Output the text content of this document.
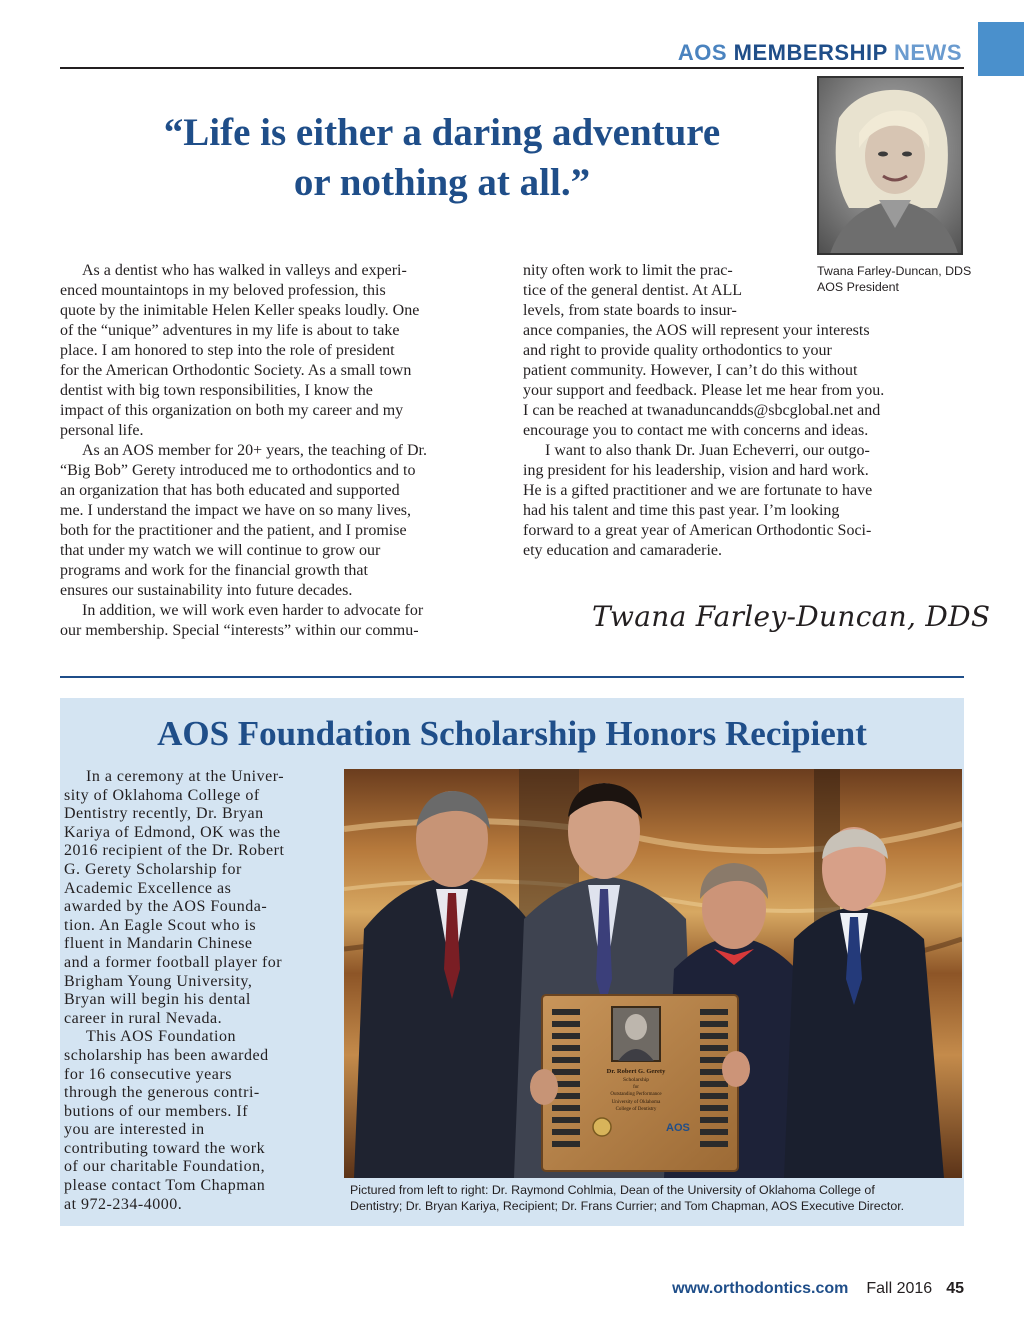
AOS MEMBERSHIP NEWS
“Life is either a daring adventure
or nothing at all.”
Twana Farley-Duncan, DDS
AOS President
As a dentist who has walked in valleys and experi-
enced mountaintops in my beloved profession, this
quote by the inimitable Helen Keller speaks loudly. One
of the “unique” adventures in my life is about to take
place. I am honored to step into the role of president
for the American Orthodontic Society. As a small town
dentist with big town responsibilities, I know the
impact of this organization on both my career and my
personal life.
As an AOS member for 20+ years, the teaching of Dr.
“Big Bob” Gerety introduced me to orthodontics and to
an organization that has both educated and supported
me. I understand the impact we have on so many lives,
both for the practitioner and the patient, and I promise
that under my watch we will continue to grow our
programs and work for the financial growth that
ensures our sustainability into future decades.
In addition, we will work even harder to advocate for
our membership. Special “interests” within our commu-
nity often work to limit the prac-
tice of the general dentist. At ALL
levels, from state boards to insur-
ance companies, the AOS will represent your interests
and right to provide quality orthodontics to your
patient community. However, I can’t do this without
your support and feedback. Please let me hear from you.
I can be reached at twanaduncandds@sbcglobal.net and
encourage you to contact me with concerns and ideas.
I want to also thank Dr. Juan Echeverri, our outgo-
ing president for his leadership, vision and hard work.
He is a gifted practitioner and we are fortunate to have
had his talent and time this past year. I’m looking
forward to a great year of American Orthodontic Soci-
ety education and camaraderie.
Twana Farley-Duncan, DDS
AOS Foundation Scholarship Honors Recipient
In a ceremony at the Univer-
sity of Oklahoma College of
Dentistry recently, Dr. Bryan
Kariya of Edmond, OK was the
2016 recipient of the Dr. Robert
G. Gerety Scholarship for
Academic Excellence as
awarded by the AOS Founda-
tion. An Eagle Scout who is
fluent in Mandarin Chinese
and a former football player for
Brigham Young University,
Bryan will begin his dental
career in rural Nevada.
This AOS Foundation
scholarship has been awarded
for 16 consecutive years
through the generous contri-
butions of our members. If
you are interested in
contributing toward the work
of our charitable Foundation,
please contact Tom Chapman
at 972-234-4000.
Dr. Robert G. Gerety
Scholarship
for
Outstanding Performance
University of Oklahoma
College of Dentistry
AOS
Pictured from left to right: Dr. Raymond Cohlmia, Dean of the University of Oklahoma College of
Dentistry; Dr. Bryan Kariya, Recipient; Dr. Frans Currier; and Tom Chapman, AOS Executive Director.
www.orthodontics.com Fall 2016 45
